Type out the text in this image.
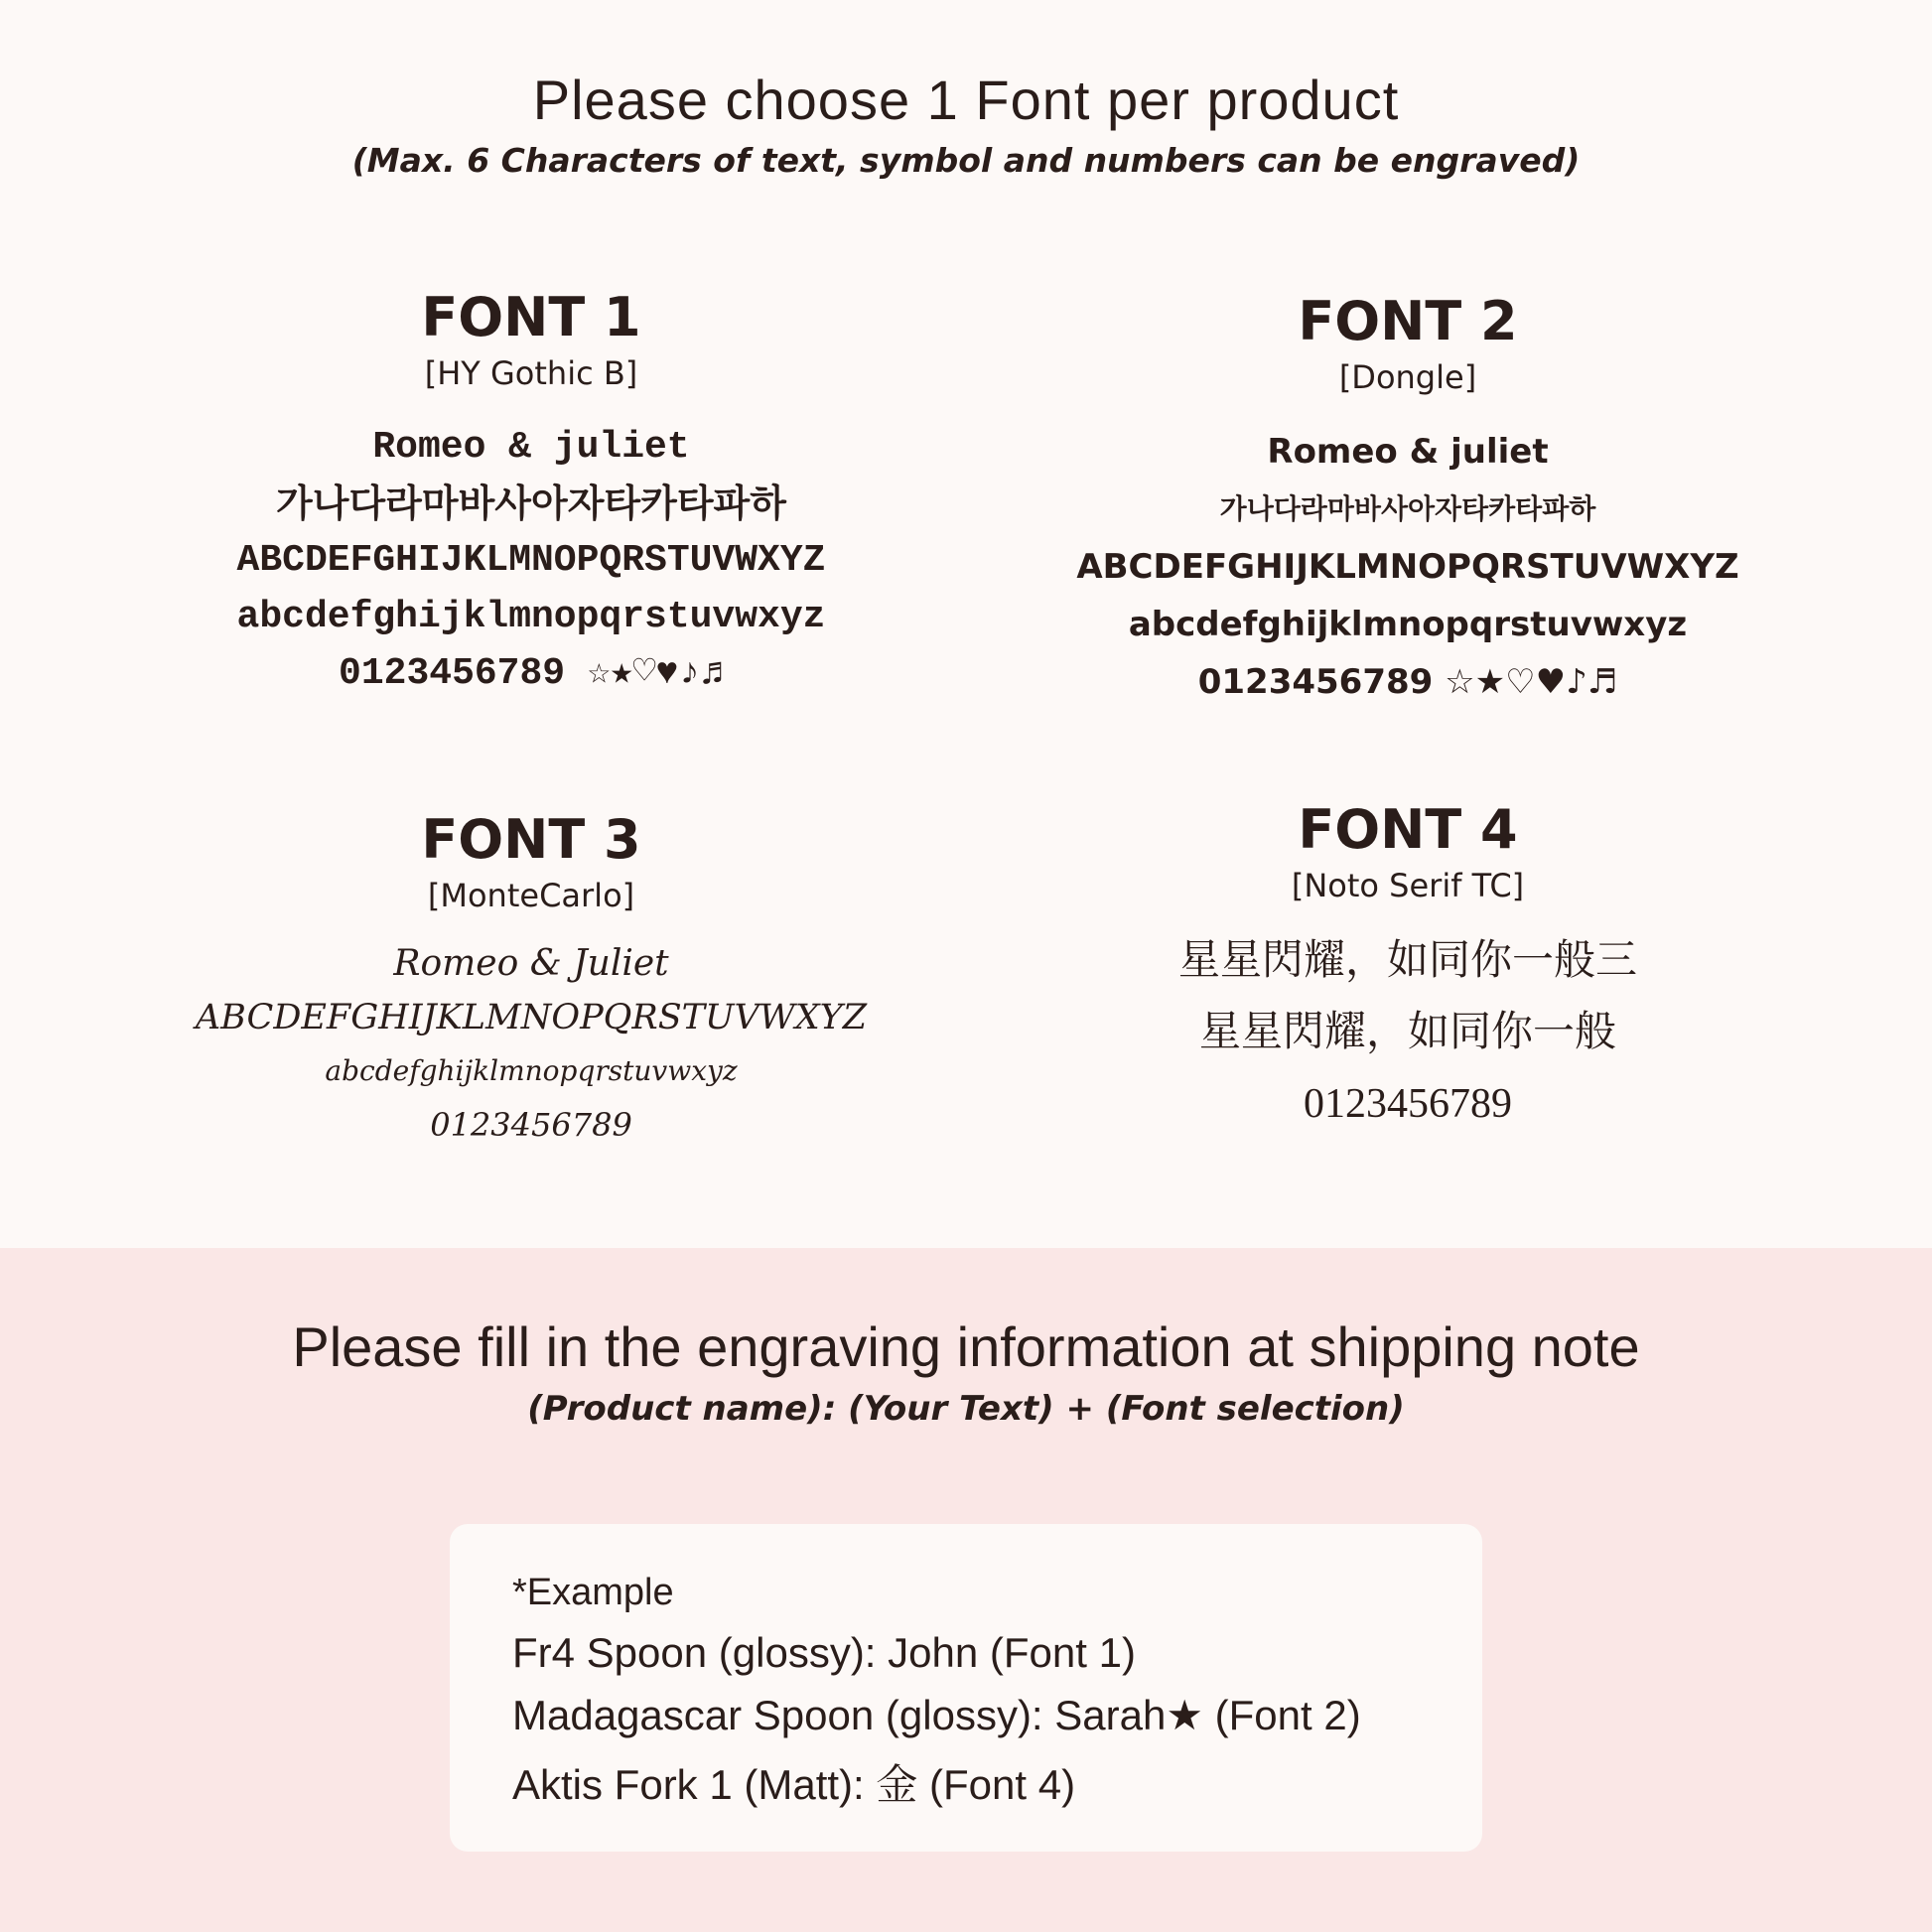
Please choose 1 Font per product
(Max. 6 Characters of text, symbol and numbers can be engraved)
FONT 1
[HY Gothic B]
Romeo & juliet
가나다라마바사아자타카타파하
ABCDEFGHIJKLMNOPQRSTUVWXYZ
abcdefghijklmnopqrstuvwxyz
0123456789 ☆★♡♥♪♬
FONT 2
[Dongle]
Romeo & juliet
가나다라마바사아자타카타파하
ABCDEFGHIJKLMNOPQRSTUVWXYZ
abcdefghijklmnopqrstuvwxyz
0123456789 ☆★♡♥♪♬
FONT 3
[MonteCarlo]
Romeo & Juliet
ABCDEFGHIJKLMNOPQRSTUVWXYZ
abcdefghijklmnopqrstuvwxyz
0123456789
FONT 4
[Noto Serif TC]
星星閃耀，如同你一般三
星星閃耀，如同你一般
0123456789
Please fill in the engraving information at shipping note
(Product name): (Your Text) + (Font selection)
*Example
Fr4 Spoon (glossy): John (Font 1)
Madagascar Spoon (glossy): Sarah★ (Font 2)
Aktis Fork 1 (Matt): 金 (Font 4)
